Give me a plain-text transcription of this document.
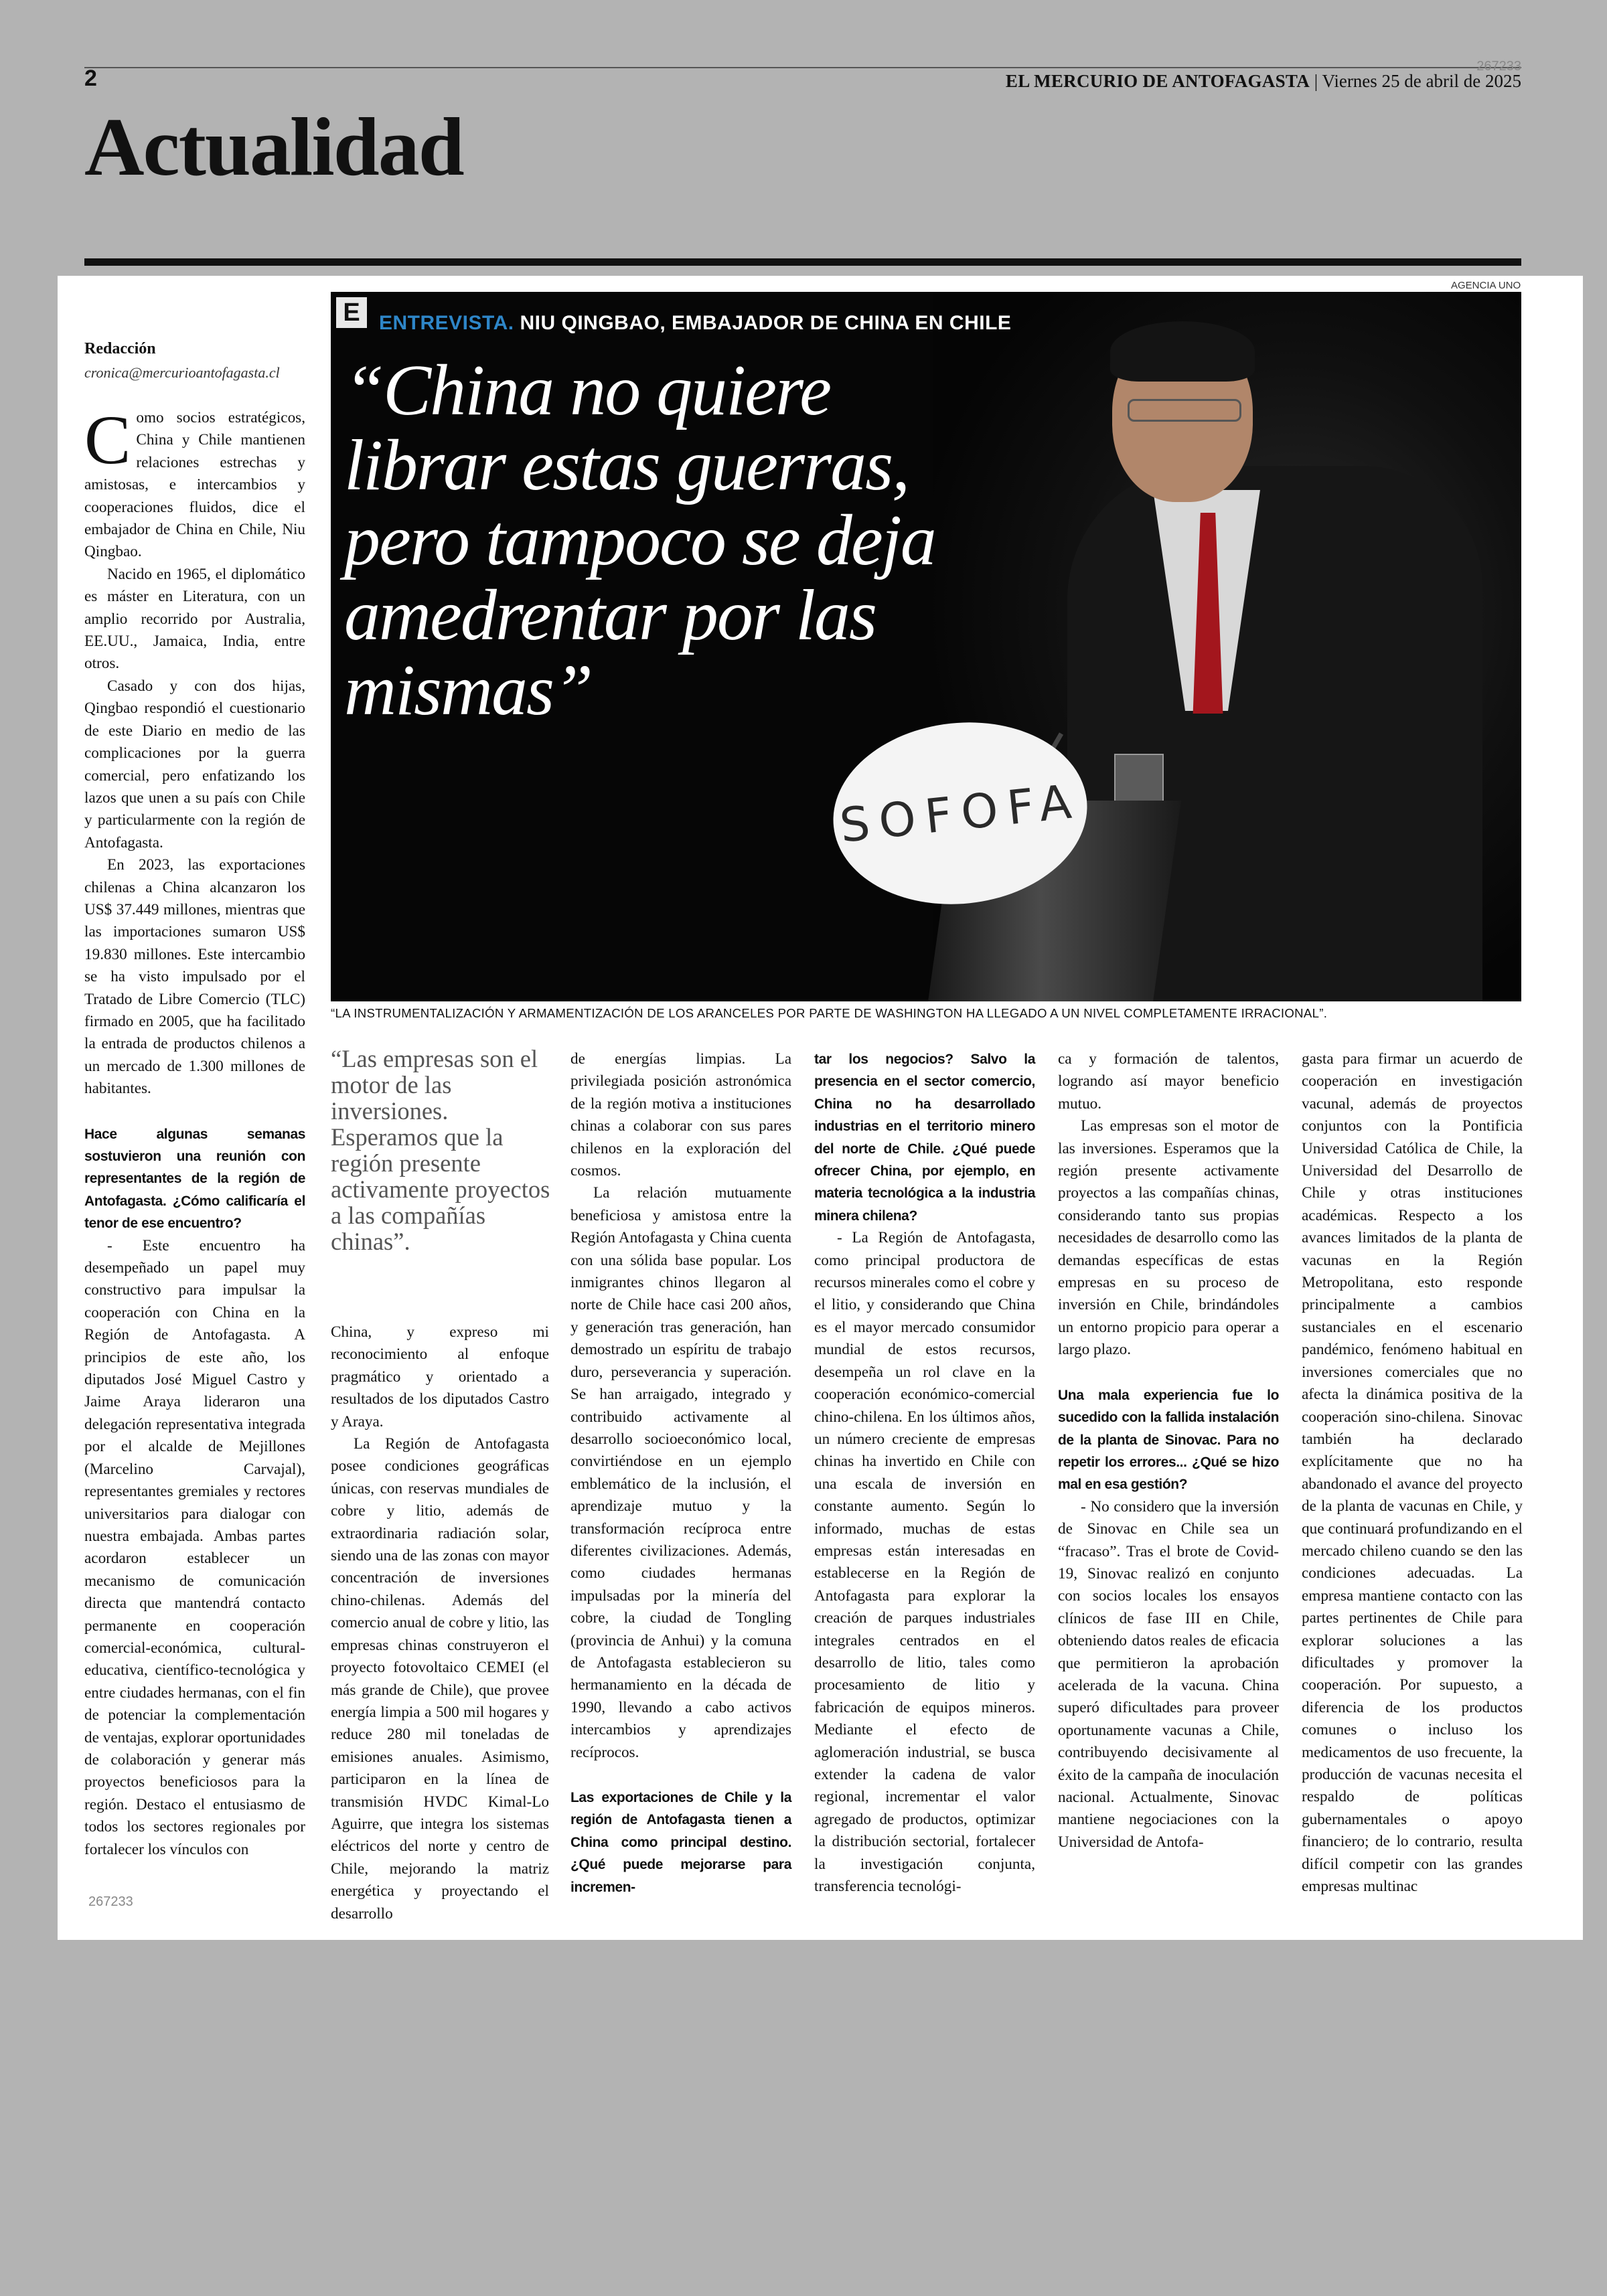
2	267233
EL MERCURIO DE ANTOFAGASTA | Viernes 25 de abril de 2025
Actualidad
AGENCIA UNO
SOFOFA
E ENTREVISTA. NIU QINGBAO, EMBAJADOR DE CHINA EN CHILE
“China no quiere librar estas guerras, pero tampoco se deja amedrentar por las mismas”
“LA INSTRUMENTALIZACIÓN Y ARMAMENTIZACIÓN DE LOS ARANCELES POR PARTE DE WASHINGTON HA LLEGADO A UN NIVEL COMPLETAMENTE IRRACIONAL”.
Redacción
cronica@mercurioantofagasta.cl

Como socios estratégicos, China y Chile mantienen relaciones estrechas y amistosas, e intercambios y cooperaciones fluidos, dice el embajador de China en Chile, Niu Qingbao.

Nacido en 1965, el diplomático es máster en Literatura, con un amplio recorrido por Australia, EE.UU., Jamaica, India, entre otros.

Casado y con dos hijas, Qingbao respondió el cuestionario de este Diario en medio de las complicaciones por la guerra comercial, pero enfatizando los lazos que unen a su país con Chile y particularmente con la región de Antofagasta.

En 2023, las exportaciones chilenas a China alcanzaron los US$ 37.449 millones, mientras que las importaciones sumaron US$ 19.830 millones. Este intercambio se ha visto impulsado por el Tratado de Libre Comercio (TLC) firmado en 2005, que ha facilitado la entrada de productos chilenos a un mercado de 1.300 millones de habitantes.

Hace algunas semanas sostuvieron una reunión con representantes de la región de Antofagasta. ¿Cómo calificaría el tenor de ese encuentro?

- Este encuentro ha desempeñado un papel muy constructivo para impulsar la cooperación con China en la Región de Antofagasta. A principios de este año, los diputados José Miguel Castro y Jaime Araya lideraron una delegación representativa integrada por el alcalde de Mejillones (Marcelino Carvajal), representantes gremiales y rectores universitarios para dialogar con nuestra embajada. Ambas partes acordaron establecer un mecanismo de comunicación directa que mantendrá contacto permanente en cooperación comercial-económica, cultural-educativa, científico-tecnológica y entre ciudades hermanas, con el fin de potenciar la complementación de ventajas, explorar oportunidades de colaboración y generar más proyectos beneficiosos para la región. Destaco el entusiasmo de todos los sectores regionales por fortalecer los vínculos con

267233
“Las empresas son el motor de las inversiones. Esperamos que la región presente activamente proyectos a las compañías chinas”.

China, y expreso mi reconocimiento al enfoque pragmático y orientado a resultados de los diputados Castro y Araya.

La Región de Antofagasta posee condiciones geográficas únicas, con reservas mundiales de cobre y litio, además de extraordinaria radiación solar, siendo una de las zonas con mayor concentración de inversiones chino-chilenas. Además del comercio anual de cobre y litio, las empresas chinas construyeron el proyecto fotovoltaico CEMEI (el más grande de Chile), que provee energía limpia a 500 mil hogares y reduce 280 mil toneladas de emisiones anuales. Asimismo, participaron en la línea de transmisión HVDC Kimal-Lo Aguirre, que integra los sistemas eléctricos del norte y centro de Chile, mejorando la matriz energética y proyectando el desarrollo

de energías limpias. La privilegiada posición astronómica de la región motiva a instituciones chinas a colaborar con sus pares chilenos en la exploración del cosmos.

La relación mutuamente beneficiosa y amistosa entre la Región Antofagasta y China cuenta con una sólida base popular. Los inmigrantes chinos llegaron al norte de Chile hace casi 200 años, y generación tras generación, han demostrado un espíritu de trabajo duro, perseverancia y superación. Se han arraigado, integrado y contribuido activamente al desarrollo socioeconómico local, convirtiéndose en un ejemplo emblemático de la inclusión, el aprendizaje mutuo y la transformación recíproca entre diferentes civilizaciones. Además, como ciudades hermanas impulsadas por la minería del cobre, la ciudad de Tongling (provincia de Anhui) y la comuna de Antofagasta establecieron su hermanamiento en la década de 1990, llevando a cabo activos intercambios y aprendizajes recíprocos.

Las exportaciones de Chile y la región de Antofagasta tienen a China como principal destino. ¿Qué puede mejorarse para incremen-

tar los negocios? Salvo la presencia en el sector comercio, China no ha desarrollado industrias en el territorio minero del norte de Chile. ¿Qué puede ofrecer China, por ejemplo, en materia tecnológica a la industria minera chilena?

- La Región de Antofagasta, como principal productora de recursos minerales como el cobre y el litio, y considerando que China es el mayor mercado consumidor mundial de estos recursos, desempeña un rol clave en la cooperación económico-comercial chino-chilena. En los últimos años, un número creciente de empresas chinas ha invertido en Chile con una escala de inversión en constante aumento. Según lo informado, muchas de estas empresas están interesadas en establecerse en la Región de Antofagasta para explorar la creación de parques industriales integrales centrados en el desarrollo de litio, tales como procesamiento de litio y fabricación de equipos mineros. Mediante el efecto de aglomeración industrial, se busca extender la cadena de valor regional, incrementar el valor agregado de productos, optimizar la distribución sectorial, fortalecer la investigación conjunta, transferencia tecnológi-

ca y formación de talentos, logrando así mayor beneficio mutuo.

Las empresas son el motor de las inversiones. Esperamos que la región presente activamente proyectos a las compañías chinas, considerando tanto sus propias necesidades de desarrollo como las demandas específicas de estas empresas en su proceso de inversión en Chile, brindándoles un entorno propicio para operar a largo plazo.

Una mala experiencia fue lo sucedido con la fallida instalación de la planta de Sinovac. Para no repetir los errores... ¿Qué se hizo mal en esa gestión?

- No considero que la inversión de Sinovac en Chile sea un “fracaso”. Tras el brote de Covid-19, Sinovac realizó en conjunto con socios locales los ensayos clínicos de fase III en Chile, obteniendo datos reales de eficacia que permitieron la aprobación acelerada de la vacuna. China superó dificultades para proveer oportunamente vacunas a Chile, contribuyendo decisivamente al éxito de la campaña de inoculación nacional. Actualmente, Sinovac mantiene negociaciones con la Universidad de Antofa-

gasta para firmar un acuerdo de cooperación en investigación vacunal, además de proyectos conjuntos con la Pontificia Universidad Católica de Chile, la Universidad del Desarrollo de Chile y otras instituciones académicas. Respecto a los avances limitados de la planta de vacunas en la Región Metropolitana, esto responde principalmente a cambios sustanciales en el escenario pandémico, fenómeno habitual en inversiones comerciales que no afecta la dinámica positiva de la cooperación sino-chilena. Sinovac también ha declarado explícitamente que no ha abandonado el avance del proyecto de la planta de vacunas en Chile, y que continuará profundizando en el mercado chileno cuando se den las condiciones adecuadas. La empresa mantiene contacto con las partes pertinentes de Chile para explorar soluciones a las dificultades y promover la cooperación. Por supuesto, a diferencia de los productos comunes o incluso los medicamentos de uso frecuente, la producción de vacunas necesita el respaldo de políticas gubernamentales o apoyo financiero; de lo contrario, resulta difícil competir con las grandes empresas multinac
